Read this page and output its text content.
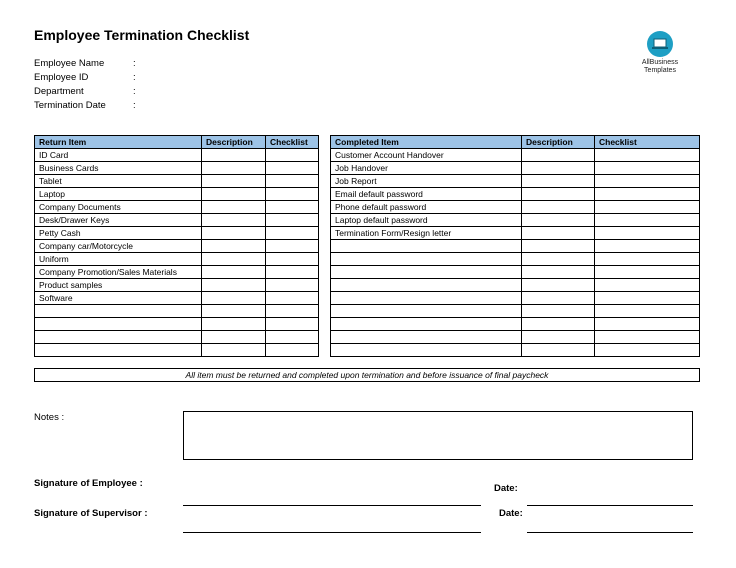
Employee Termination Checklist
Employee Name	:
Employee ID	:
Department	:
Termination Date	:
AllBusiness
Templates
Return Item	Description	Checklist
ID Card		
Business Cards		
Tablet		
Laptop		
Company Documents		
Desk/Drawer Keys		
Petty Cash		
Company car/Motorcycle		
Uniform		
Company Promotion/Sales Materials		
Product samples		
Software		

Completed Item	Description	Checklist
Customer Account Handover		
Job Handover		
Job Report		
Email default password		
Phone default password		
Laptop default password		
Termination Form/Resign letter		

All item must be returned and completed upon termination and before issuance of final paycheck
Notes :
Signature of Employee :	Date:
Signature of Supervisor :	Date:
